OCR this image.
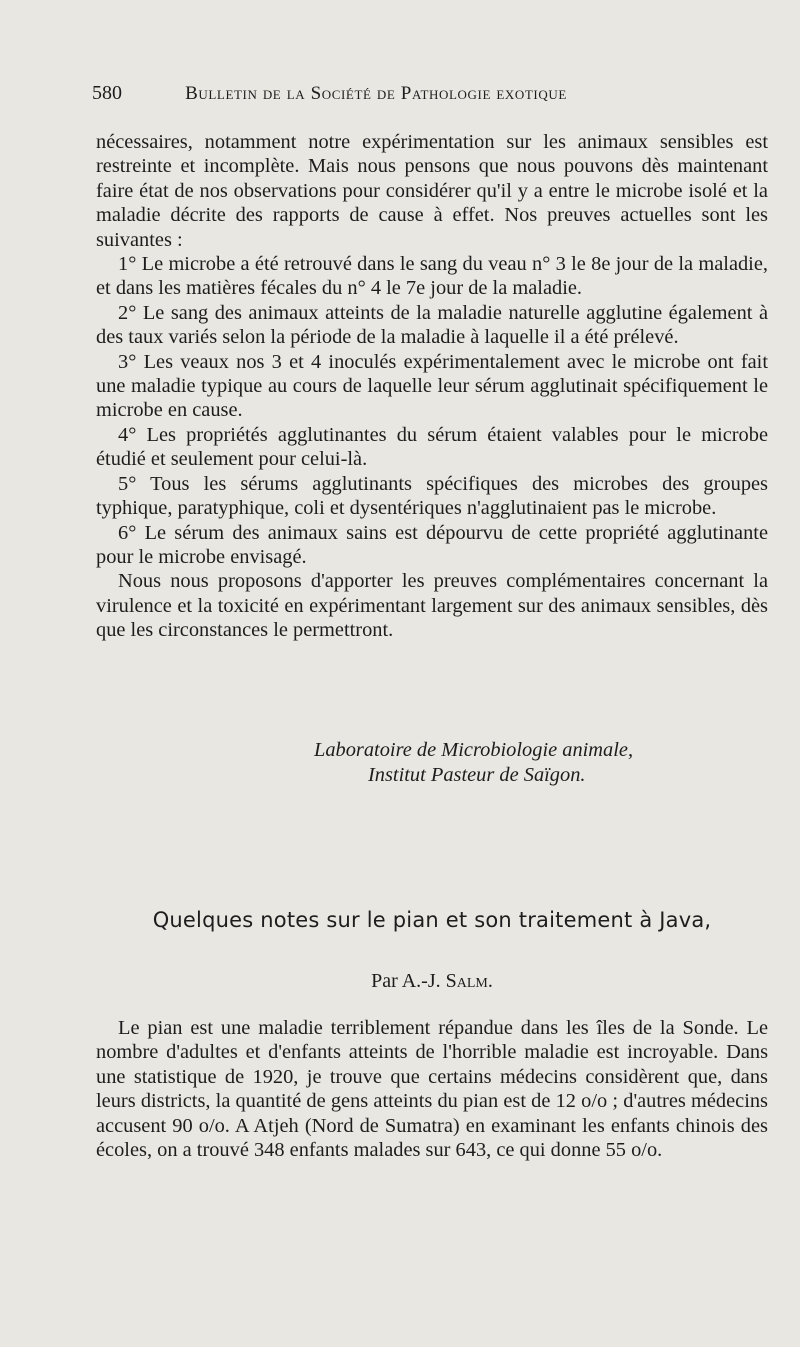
580	Bulletin de la Société de Pathologie exotique

nécessaires, notamment notre expérimentation sur les animaux sensibles est restreinte et incomplète. Mais nous pensons que nous pouvons dès maintenant faire état de nos observations pour considérer qu'il y a entre le microbe isolé et la maladie décrite des rapports de cause à effet. Nos preuves actuelles sont les suivantes :

1° Le microbe a été retrouvé dans le sang du veau n° 3 le 8e jour de la maladie, et dans les matières fécales du n° 4 le 7e jour de la maladie.

2° Le sang des animaux atteints de la maladie naturelle agglutine également à des taux variés selon la période de la maladie à laquelle il a été prélevé.

3° Les veaux nos 3 et 4 inoculés expérimentalement avec le microbe ont fait une maladie typique au cours de laquelle leur sérum agglutinait spécifiquement le microbe en cause.

4° Les propriétés agglutinantes du sérum étaient valables pour le microbe étudié et seulement pour celui-là.

5° Tous les sérums agglutinants spécifiques des microbes des groupes typhique, paratyphique, coli et dysentériques n'agglutinaient pas le microbe.

6° Le sérum des animaux sains est dépourvu de cette propriété agglutinante pour le microbe envisagé.

Nous nous proposons d'apporter les preuves complémentaires concernant la virulence et la toxicité en expérimentant largement sur des animaux sensibles, dès que les circonstances le permettront.

Laboratoire de Microbiologie animale,
Institut Pasteur de Saïgon.
Quelques notes sur le pian et son traitement à Java,
Par A.-J. Salm.

Le pian est une maladie terriblement répandue dans les îles de la Sonde. Le nombre d'adultes et d'enfants atteints de l'horrible maladie est incroyable. Dans une statistique de 1920, je trouve que certains médecins considèrent que, dans leurs districts, la quantité de gens atteints du pian est de 12 o/o ; d'autres médecins accusent 90 o/o. A Atjeh (Nord de Sumatra) en examinant les enfants chinois des écoles, on a trouvé 348 enfants malades sur 643, ce qui donne 55 o/o.
